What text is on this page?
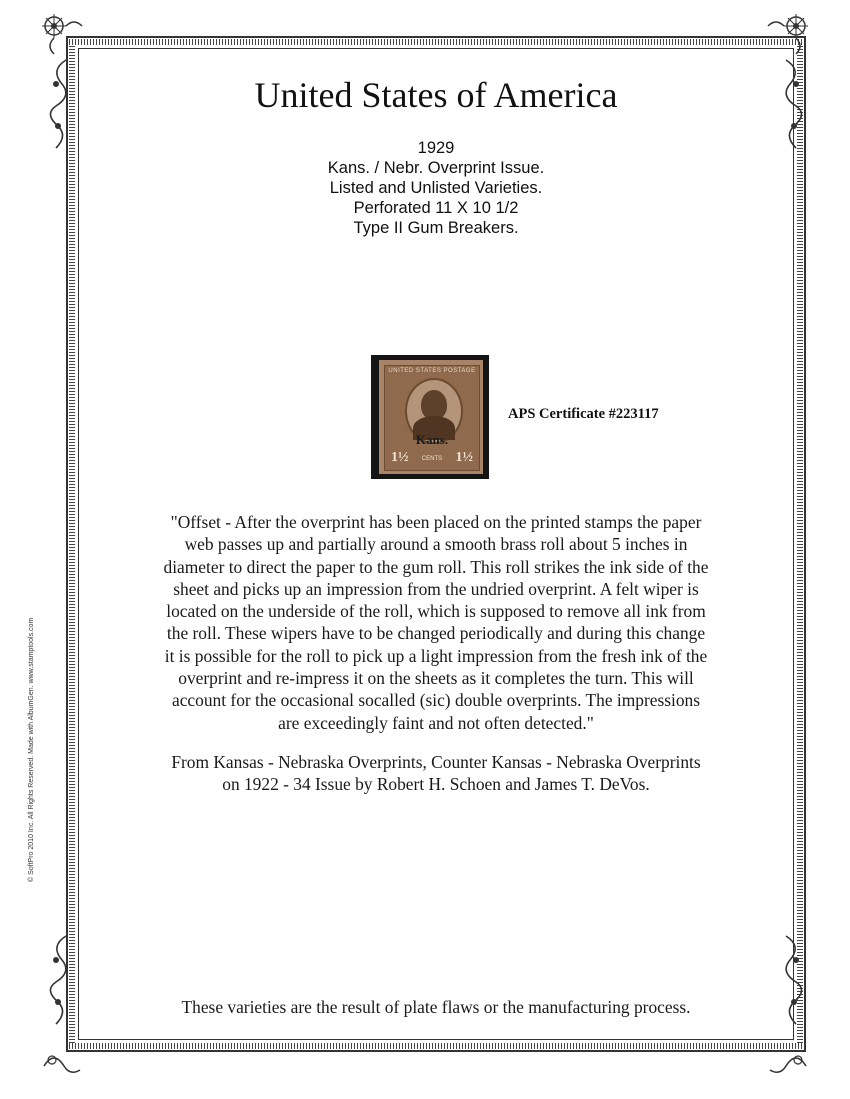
United States of America
1929
Kans. / Nebr. Overprint Issue.
Listed and Unlisted Varieties.
Perforated 11 X 10 1/2
Type II Gum Breakers.
UNITED STATES POSTAGE
Kans.
1½	CENTS 1½
APS Certificate #223117
"Offset - After the overprint has been placed on the printed stamps the paper
web passes up and partially around a smooth brass roll about 5 inches in
diameter to direct the paper to the gum roll. This roll strikes the ink side of the
sheet and picks up an impression from the undried overprint. A felt wiper is
located on the underside of the roll, which is supposed to remove all ink from
the roll. These wipers have to be changed periodically and during this change
it is possible for the roll to pick up a light impression from the fresh ink of the
overprint and re-impress it on the sheets as it completes the turn. This will
account for the occasional socalled (sic) double overprints. The impressions
are exceedingly faint and not often detected."
From Kansas - Nebraska Overprints, Counter Kansas - Nebraska Overprints
on 1922 - 34 Issue by Robert H. Schoen and James T. DeVos.
These varieties are the result of plate flaws or the manufacturing process.
© SoftPro 2010 Inc. All Rights Reserved. Made with AlbumGen. www.stamptools.com
